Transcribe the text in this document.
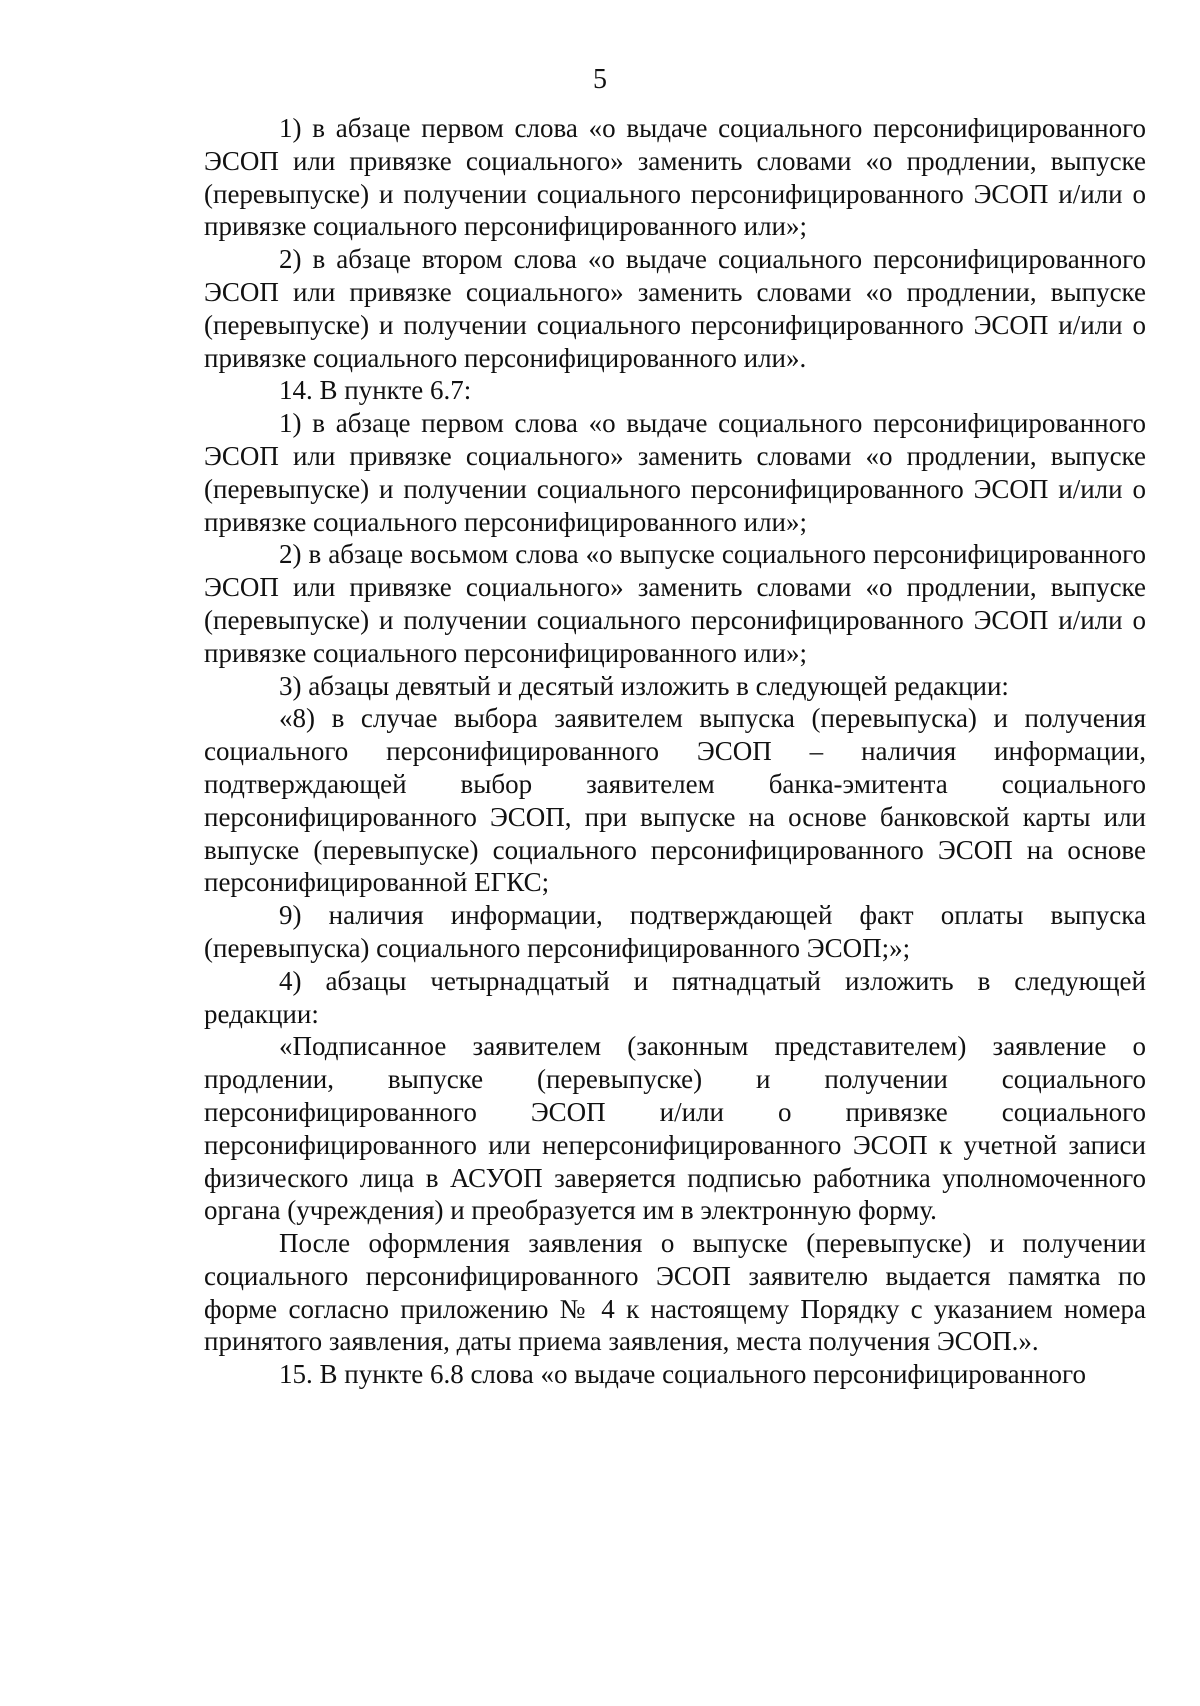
5

1) в абзаце первом слова «о выдаче социального персонифицированного ЭСОП или привязке социального» заменить словами «о продлении, выпуске (перевыпуске) и получении социального персонифицированного ЭСОП и/или о привязке социального персонифицированного или»;

2) в абзаце втором слова «о выдаче социального персонифицированного ЭСОП или привязке социального» заменить словами «о продлении, выпуске (перевыпуске) и получении социального персонифицированного ЭСОП и/или о привязке социального персонифицированного или».

14. В пункте 6.7:

1) в абзаце первом слова «о выдаче социального персонифицированного ЭСОП или привязке социального» заменить словами «о продлении, выпуске (перевыпуске) и получении социального персонифицированного ЭСОП и/или о привязке социального персонифицированного или»;

2) в абзаце восьмом слова «о выпуске социального персонифицированного ЭСОП или привязке социального» заменить словами «о продлении, выпуске (перевыпуске) и получении социального персонифицированного ЭСОП и/или о привязке социального персонифицированного или»;

3) абзацы девятый и десятый изложить в следующей редакции:

«8) в случае выбора заявителем выпуска (перевыпуска) и получения социального персонифицированного ЭСОП – наличия информации, подтверждающей выбор заявителем банка-эмитента социального персонифицированного ЭСОП, при выпуске на основе банковской карты или выпуске (перевыпуске) социального персонифицированного ЭСОП на основе персонифицированной ЕГКС;

9) наличия информации, подтверждающей факт оплаты выпуска (перевыпуска) социального персонифицированного ЭСОП;»;

4) абзацы четырнадцатый и пятнадцатый изложить в следующей редакции:

«Подписанное заявителем (законным представителем) заявление о продлении, выпуске (перевыпуске) и получении социального персонифицированного ЭСОП и/или о привязке социального персонифицированного или неперсонифицированного ЭСОП к учетной записи физического лица в АСУОП заверяется подписью работника уполномоченного органа (учреждения) и преобразуется им в электронную форму.

После оформления заявления о выпуске (перевыпуске) и получении социального персонифицированного ЭСОП заявителю выдается памятка по форме согласно приложению № 4 к настоящему Порядку с указанием номера принятого заявления, даты приема заявления, места получения ЭСОП.».

15. В пункте 6.8 слова «о выдаче социального персонифицированного
